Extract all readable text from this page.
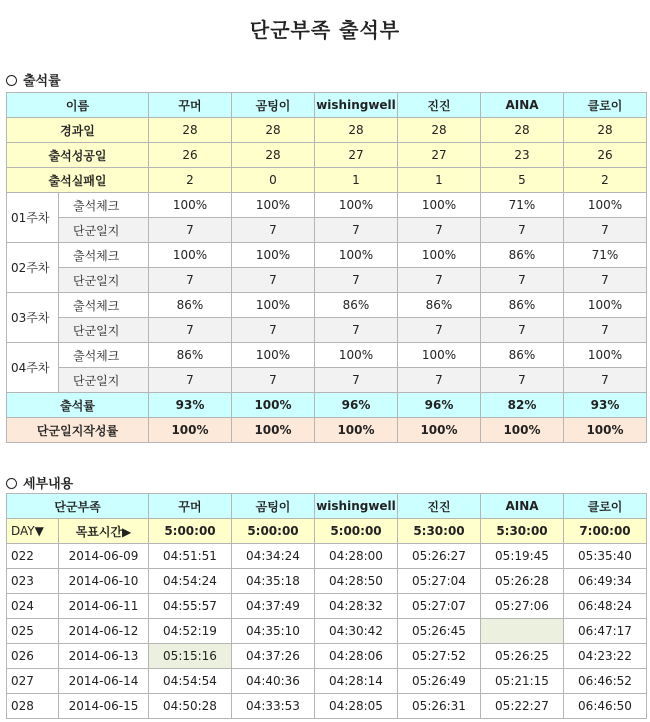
단군부족 출석부
출석률
이름		꾸머	곰팅이	wishingwell	진진	AINA	클로이
경과일		28	28	28	28	28	28
출석성공일		26	28	27	27	23	26
출석실패일		2	0	1	1	5	2
01주차	출석체크	100%	100%	100%	100%	71%	100%
	단군일지	7	7	7	7	7	7
02주차	출석체크	100%	100%	100%	100%	86%	71%
	단군일지	7	7	7	7	7	7
03주차	출석체크	86%	100%	86%	86%	86%	100%
	단군일지	7	7	7	7	7	7
04주차	출석체크	86%	100%	100%	100%	86%	100%
	단군일지	7	7	7	7	7	7
출석률		93%	100%	96%	96%	82%	93%
단군일지작성률		100%	100%	100%	100%	100%	100%
세부내용
단군부족		꾸머	곰팅이	wishingwell	진진	AINA	클로이
DAY▼	목표시간▶	5:00:00	5:00:00	5:00:00	5:30:00	5:30:00	7:00:00
022	2014-06-09	04:51:51	04:34:24	04:28:00	05:26:27	05:19:45	05:35:40
023	2014-06-10	04:54:24	04:35:18	04:28:50	05:27:04	05:26:28	06:49:34
024	2014-06-11	04:55:57	04:37:49	04:28:32	05:27:07	05:27:06	06:48:24
025	2014-06-12	04:52:19	04:35:10	04:30:42	05:26:45		06:47:17
026	2014-06-13	05:15:16	04:37:26	04:28:06	05:27:52	05:26:25	04:23:22
027	2014-06-14	04:54:54	04:40:36	04:28:14	05:26:49	05:21:15	06:46:52
028	2014-06-15	04:50:28	04:33:53	04:28:05	05:26:31	05:22:27	06:46:50
